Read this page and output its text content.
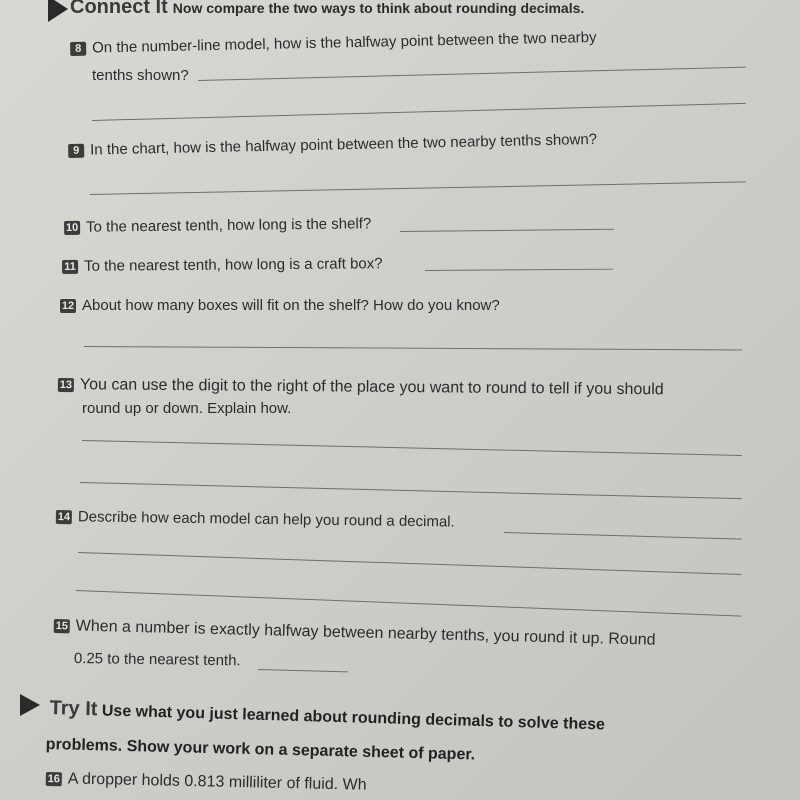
Connect It Now compare the two ways to think about rounding decimals.
8 On the number-line model, how is the halfway point between the two nearby
tenths shown?
9 In the chart, how is the halfway point between the two nearby tenths shown?
10 To the nearest tenth, how long is the shelf?
11 To the nearest tenth, how long is a craft box?
12 About how many boxes will fit on the shelf? How do you know?
13 You can use the digit to the right of the place you want to round to tell if you should
round up or down. Explain how.
14 Describe how each model can help you round a decimal.
15 When a number is exactly halfway between nearby tenths, you round it up. Round
0.25 to the nearest tenth.
Try It Use what you just learned about rounding decimals to solve these
problems. Show your work on a separate sheet of paper.
16 A dropper holds 0.813 milliliter of fluid. Wh
